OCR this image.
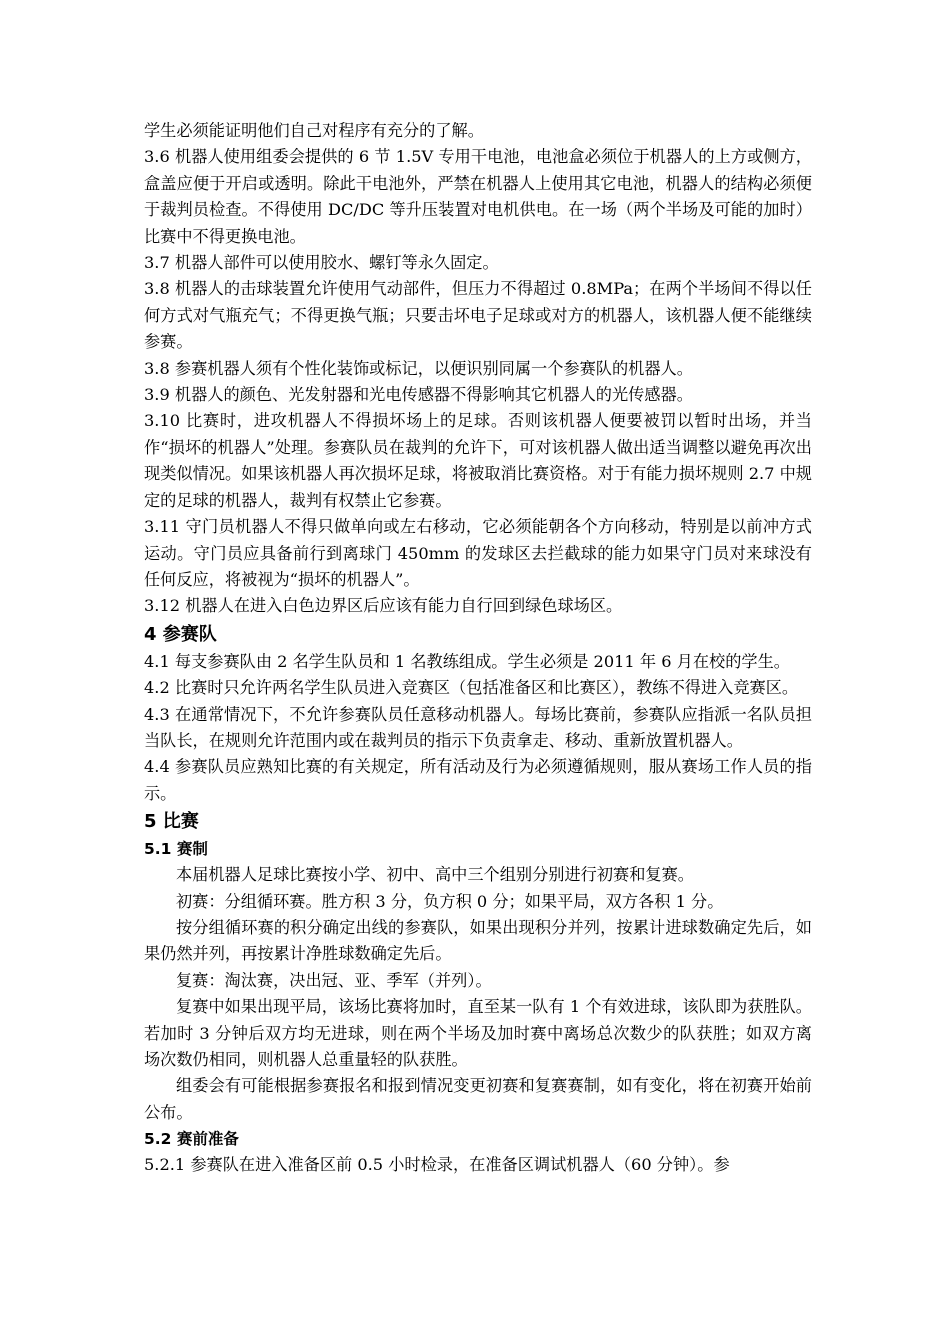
学生必须能证明他们自己对程序有充分的了解。

3.6 机器人使用组委会提供的 6 节 1.5V 专用干电池，电池盒必须位于机器人的上方或侧方，盒盖应便于开启或透明。除此干电池外，严禁在机器人上使用其它电池，机器人的结构必须便于裁判员检查。不得使用 DC/DC 等升压装置对电机供电。在一场（两个半场及可能的加时）比赛中不得更换电池。

3.7 机器人部件可以使用胶水、螺钉等永久固定。

3.8 机器人的击球装置允许使用气动部件，但压力不得超过 0.8MPa；在两个半场间不得以任何方式对气瓶充气；不得更换气瓶；只要击坏电子足球或对方的机器人，该机器人便不能继续参赛。

3.8 参赛机器人须有个性化装饰或标记，以便识别同属一个参赛队的机器人。

3.9 机器人的颜色、光发射器和光电传感器不得影响其它机器人的光传感器。

3.10 比赛时，进攻机器人不得损坏场上的足球。否则该机器人便要被罚以暂时出场，并当作“损坏的机器人”处理。参赛队员在裁判的允许下，可对该机器人做出适当调整以避免再次出现类似情况。如果该机器人再次损坏足球，将被取消比赛资格。对于有能力损坏规则 2.7 中规定的足球的机器人，裁判有权禁止它参赛。

3.11 守门员机器人不得只做单向或左右移动，它必须能朝各个方向移动，特别是以前冲方式运动。守门员应具备前行到离球门 450mm 的发球区去拦截球的能力如果守门员对来球没有任何反应，将被视为“损坏的机器人”。

3.12 机器人在进入白色边界区后应该有能力自行回到绿色球场区。

4 参赛队

4.1 每支参赛队由 2 名学生队员和 1 名教练组成。学生必须是 2011 年 6 月在校的学生。

4.2 比赛时只允许两名学生队员进入竞赛区（包括准备区和比赛区），教练不得进入竞赛区。

4.3 在通常情况下，不允许参赛队员任意移动机器人。每场比赛前，参赛队应指派一名队员担当队长，在规则允许范围内或在裁判员的指示下负责拿走、移动、重新放置机器人。

4.4 参赛队员应熟知比赛的有关规定，所有活动及行为必须遵循规则，服从赛场工作人员的指示。

5 比赛
5.1 赛制

本届机器人足球比赛按小学、初中、高中三个组别分别进行初赛和复赛。

初赛：分组循环赛。胜方积 3 分，负方积 0 分；如果平局，双方各积 1 分。

按分组循环赛的积分确定出线的参赛队，如果出现积分并列，按累计进球数确定先后，如果仍然并列，再按累计净胜球数确定先后。

复赛：淘汰赛，决出冠、亚、季军（并列）。

复赛中如果出现平局，该场比赛将加时，直至某一队有 1 个有效进球，该队即为获胜队。若加时 3 分钟后双方均无进球，则在两个半场及加时赛中离场总次数少的队获胜；如双方离场次数仍相同，则机器人总重量轻的队获胜。

组委会有可能根据参赛报名和报到情况变更初赛和复赛赛制，如有变化，将在初赛开始前公布。

5.2 赛前准备

5.2.1 参赛队在进入准备区前 0.5 小时检录，在准备区调试机器人（60 分钟）。参
